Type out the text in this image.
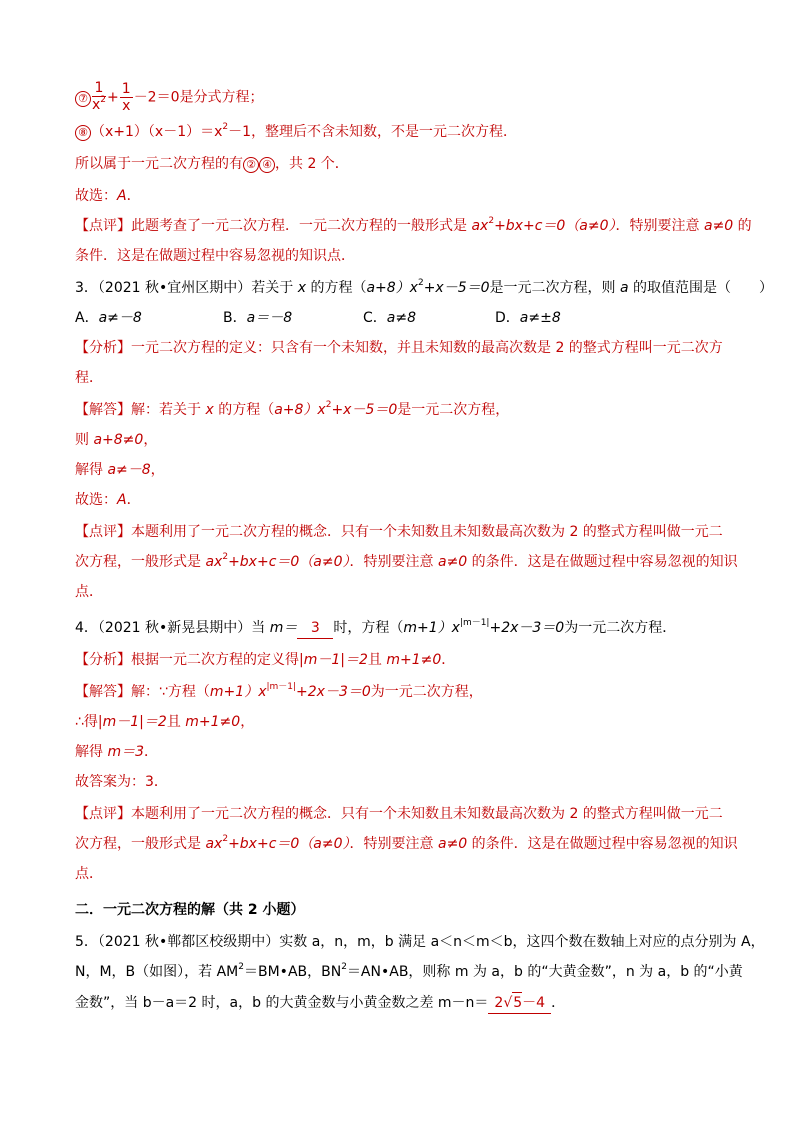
⑦ $\frac{1}{x^2} + \frac{1}{x} -2=0$是分式方程；
⑧ $(x+1)(x-1)=x^2-1$，整理后不含未知数，不是一元二次方程．
所以属于一元二次方程的有 ② ④ ，共 2 个．
故选：A．
【点评】此题考查了一元二次方程．一元二次方程的一般形式是 $ax^2+bx+c=0(a\ne 0)$．特别要注意 a≠0 的
条件．这是在做题过程中容易忽视的知识点．
3．（2021 秋•宜州区期中）若关于 x 的方程$(a+8)x^2+x-5=0$是一元二次方程，则 a 的取值范围是（　　）
A．a≠－8	B．a＝－8	C．a≠8	D．a≠±8
【分析】一元二次方程的定义：只含有一个未知数，并且未知数的最高次数是 2 的整式方程叫一元二次方
程．
【解答】解：若关于 x 的方程$(a+8)x^2+x-5=0$是一元二次方程，
则 a+8≠0，
解得 a≠－8，
故选：A．
【点评】本题利用了一元二次方程的概念．只有一个未知数且未知数最高次数为 2 的整式方程叫做一元二
次方程，一般形式是 $ax^2+bx+c=0(a\ne 0)$．特别要注意 a≠0 的条件．这是在做题过程中容易忽视的知识
点．
4．（2021 秋•新晃县期中）当 m＝ 3 时，方程$(m+1)x^{|m-1|}+2x-3=0$为一元二次方程．
【分析】根据一元二次方程的定义得|m－1|＝2且 m+1≠0．
【解答】解：∵方程$(m+1)x^{|m-1|}+2x-3=0$为一元二次方程，
∴得|m－1|＝2且 m+1≠0，
解得 m＝3．
故答案为：3．
【点评】本题利用了一元二次方程的概念．只有一个未知数且未知数最高次数为 2 的整式方程叫做一元二
次方程，一般形式是 $ax^2+bx+c=0(a\ne 0)$．特别要注意 a≠0 的条件．这是在做题过程中容易忽视的知识
点．
二．一元二次方程的解（共 2 小题）
5．（2021 秋•郸都区校级期中）实数 a，n，m，b 满足 a＜n＜m＜b，这四个数在数轴上对应的点分别为 A，
N，M，B（如图），若 $AM^2=BM•AB$，$BN^2=AN•AB$，则称 m 为 a，b 的“大黄金数”，n 为 a，b 的“小黄
金数”，当 b－a＝2 时，a，b 的大黄金数与小黄金数之差 m－n＝ 2√5－4 ．
